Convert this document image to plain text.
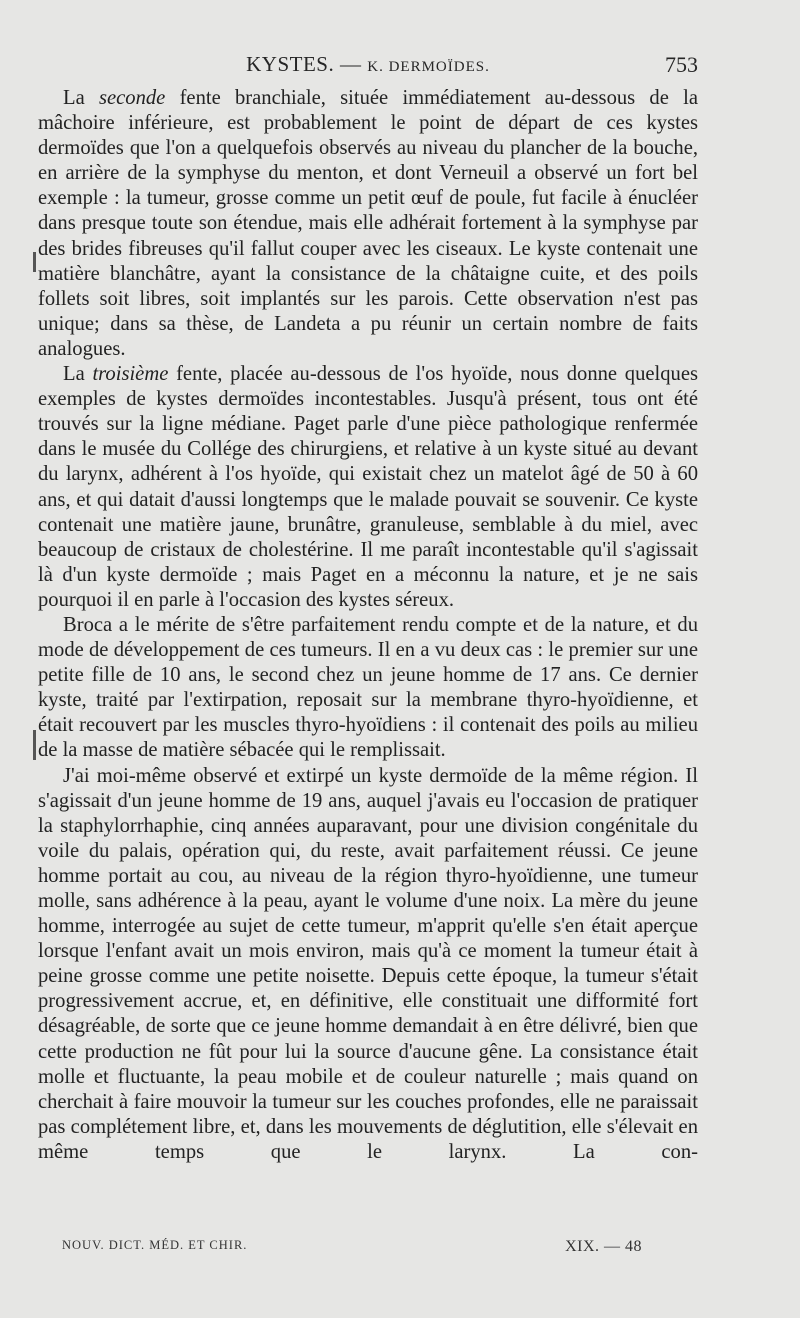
KYSTES. — K. DERMOÏDES.	753

La seconde fente branchiale, située immédiatement au-dessous de la mâchoire inférieure, est probablement le point de départ de ces kystes dermoïdes que l'on a quelquefois observés au niveau du plancher de la bouche, en arrière de la symphyse du menton, et dont Verneuil a observé un fort bel exemple : la tumeur, grosse comme un petit œuf de poule, fut facile à énucléer dans presque toute son étendue, mais elle adhérait fortement à la symphyse par des brides fibreuses qu'il fallut couper avec les ciseaux. Le kyste contenait une matière blanchâtre, ayant la consistance de la châtaigne cuite, et des poils follets soit libres, soit implantés sur les parois. Cette observation n'est pas unique; dans sa thèse, de Landeta a pu réunir un certain nombre de faits analogues.

La troisième fente, placée au-dessous de l'os hyoïde, nous donne quelques exemples de kystes dermoïdes incontestables. Jusqu'à présent, tous ont été trouvés sur la ligne médiane. Paget parle d'une pièce pathologique renfermée dans le musée du Collége des chirurgiens, et relative à un kyste situé au devant du larynx, adhérent à l'os hyoïde, qui existait chez un matelot âgé de 50 à 60 ans, et qui datait d'aussi longtemps que le malade pouvait se souvenir. Ce kyste contenait une matière jaune, brunâtre, granuleuse, semblable à du miel, avec beaucoup de cristaux de cholestérine. Il me paraît incontestable qu'il s'agissait là d'un kyste dermoïde ; mais Paget en a méconnu la nature, et je ne sais pourquoi il en parle à l'occasion des kystes séreux.

Broca a le mérite de s'être parfaitement rendu compte et de la nature, et du mode de développement de ces tumeurs. Il en a vu deux cas : le premier sur une petite fille de 10 ans, le second chez un jeune homme de 17 ans. Ce dernier kyste, traité par l'extirpation, reposait sur la membrane thyro-hyoïdienne, et était recouvert par les muscles thyro-hyoïdiens : il contenait des poils au milieu de la masse de matière sébacée qui le remplissait.

J'ai moi-même observé et extirpé un kyste dermoïde de la même région. Il s'agissait d'un jeune homme de 19 ans, auquel j'avais eu l'occasion de pratiquer la staphylorrhaphie, cinq années auparavant, pour une division congénitale du voile du palais, opération qui, du reste, avait parfaitement réussi. Ce jeune homme portait au cou, au niveau de la région thyro-hyoïdienne, une tumeur molle, sans adhérence à la peau, ayant le volume d'une noix. La mère du jeune homme, interrogée au sujet de cette tumeur, m'apprit qu'elle s'en était aperçue lorsque l'enfant avait un mois environ, mais qu'à ce moment la tumeur était à peine grosse comme une petite noisette. Depuis cette époque, la tumeur s'était progressivement accrue, et, en définitive, elle constituait une difformité fort désagréable, de sorte que ce jeune homme demandait à en être délivré, bien que cette production ne fût pour lui la source d'aucune gêne. La consistance était molle et fluctuante, la peau mobile et de couleur naturelle ; mais quand on cherchait à faire mouvoir la tumeur sur les couches profondes, elle ne paraissait pas complétement libre, et, dans les mouvements de déglutition, elle s'élevait en même temps que le larynx. La con-

NOUV. DICT. MÉD. ET CHIR.	XIX. — 48
